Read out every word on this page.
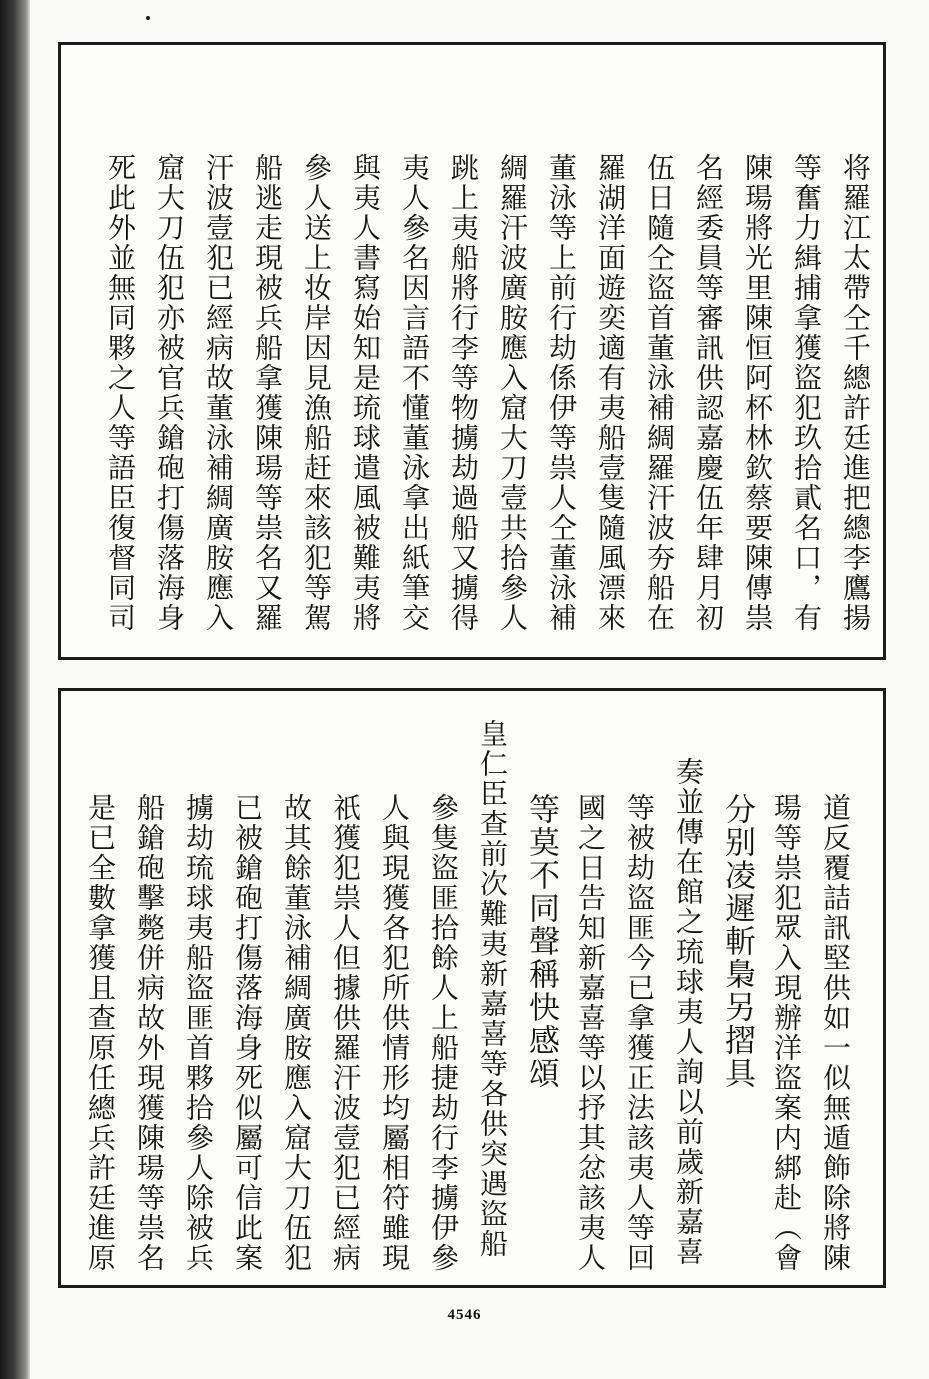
将羅江太帶仝千總許廷進把總李鷹揚
等奮力緝捕拿獲盜犯玖拾貳名口，有
陳瑒將光里陳恒阿杯林欽蔡要陳傳祟
名經委員等審訊供認嘉慶伍年肆月初
伍日隨仝盜首董泳補綢羅汗波夯船在
羅湖洋面遊奕適有夷船壹隻隨風漂來
董泳等上前行劫係伊等祟人仝董泳補
綢羅汗波廣胺應入窟大刀壹共拾參人
跳上夷船將行李等物擄劫過船又擄得
夷人參名因言語不懂董泳拿出紙筆交
與夷人書寫始知是琉球遣風被難夷將
參人送上妆岸因見漁船赶來該犯等駕
船逃走現被兵船拿獲陳瑒等祟名又羅
汗波壹犯已經病故董泳補綢廣胺應入
窟大刀伍犯亦被官兵鎗砲打傷落海身
死此外並無同夥之人等語臣復督同司
道反覆詰訊堅供如一似無遁飾除將陳
瑒等祟犯眾入現辦洋盜案内綁赴（會
分别凌遲斬梟另摺具
奏並傳在館之琉球夷人詢以前歲新嘉喜
等被劫盜匪今已拿獲正法該夷人等回
國之日告知新嘉喜等以抒其忿該夷人
等莫不同聲稱快感頌
皇仁臣查前次難夷新嘉喜等各供突遇盜船
參隻盜匪拾餘人上船捷劫行李擄伊參
人與現獲各犯所供情形均屬相符雖現
祇獲犯祟人但據供羅汗波壹犯已經病
故其餘董泳補綢廣胺應入窟大刀伍犯
已被鎗砲打傷落海身死似屬可信此案
擄劫琉球夷船盜匪首夥拾參人除被兵
船鎗砲擊斃併病故外現獲陳瑒等祟名
是已全數拿獲且查原任總兵許廷進原
4546
